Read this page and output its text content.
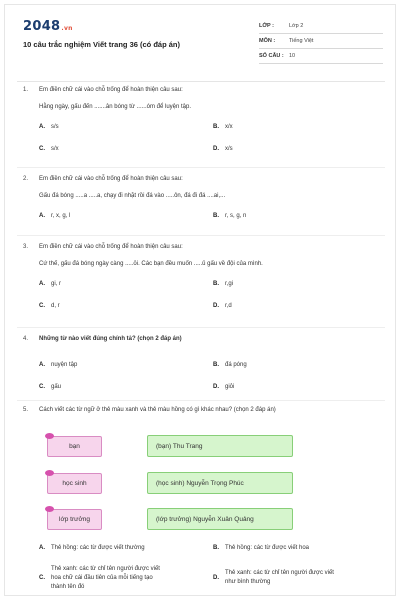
2048.vn
10 câu trắc nghiệm Viết trang 36 (có đáp án)
LỚP :	Lớp 2
MÔN :	Tiếng Việt
SỐ CÂU : 10
1.	Em điền chữ cái vào chỗ trống để hoàn thiện câu sau:
Hằng ngày, gấu đến .......ân bóng từ ......óm để luyện tập.
A.	s/s	B.	x/x
C.	s/x	D.	x/s
2.	Em điền chữ cái vào chỗ trống để hoàn thiện câu sau:
Gấu đá bóng .....a .....a, chạy đi nhặt rồi đá vào .....ôn, đá đi đá ....ai,...
A.	r, x, g, l	B.	r, s, g, n
3.	Em điền chữ cái vào chỗ trống để hoàn thiện câu sau:
Cứ thế, gấu đá bóng ngày càng .....ỏi. Các bạn đều muốn .....ủ gấu về đội của mình.
A.	gi, r	B.	r,gi
C.	d, r	D.	r,d
4.	Những từ nào viết đúng chính tả? (chọn 2 đáp án)
A.	nuyện tập	B.	đá póng
C.	gấu	D.	giỏi
5.	Cách viết các từ ngữ ở thẻ màu xanh và thẻ màu hồng có gì khác nhau? (chọn 2 đáp án)
bạn	(bạn) Thu Trang
học sinh	(học sinh) Nguyễn Trọng Phúc
lớp trưởng	(lớp trưởng) Nguyễn Xuân Quảng
A.	Thẻ hồng: các từ được viết thường	B.	Thẻ hồng: các từ được viết hoa
C.
Thẻ xanh: các từ chỉ tên người được viết
hoa chữ cái đầu tiên của mỗi tiếng tạo
thành tên đó
D.
Thẻ xanh: các từ chỉ tên người được viết
như bình thường
